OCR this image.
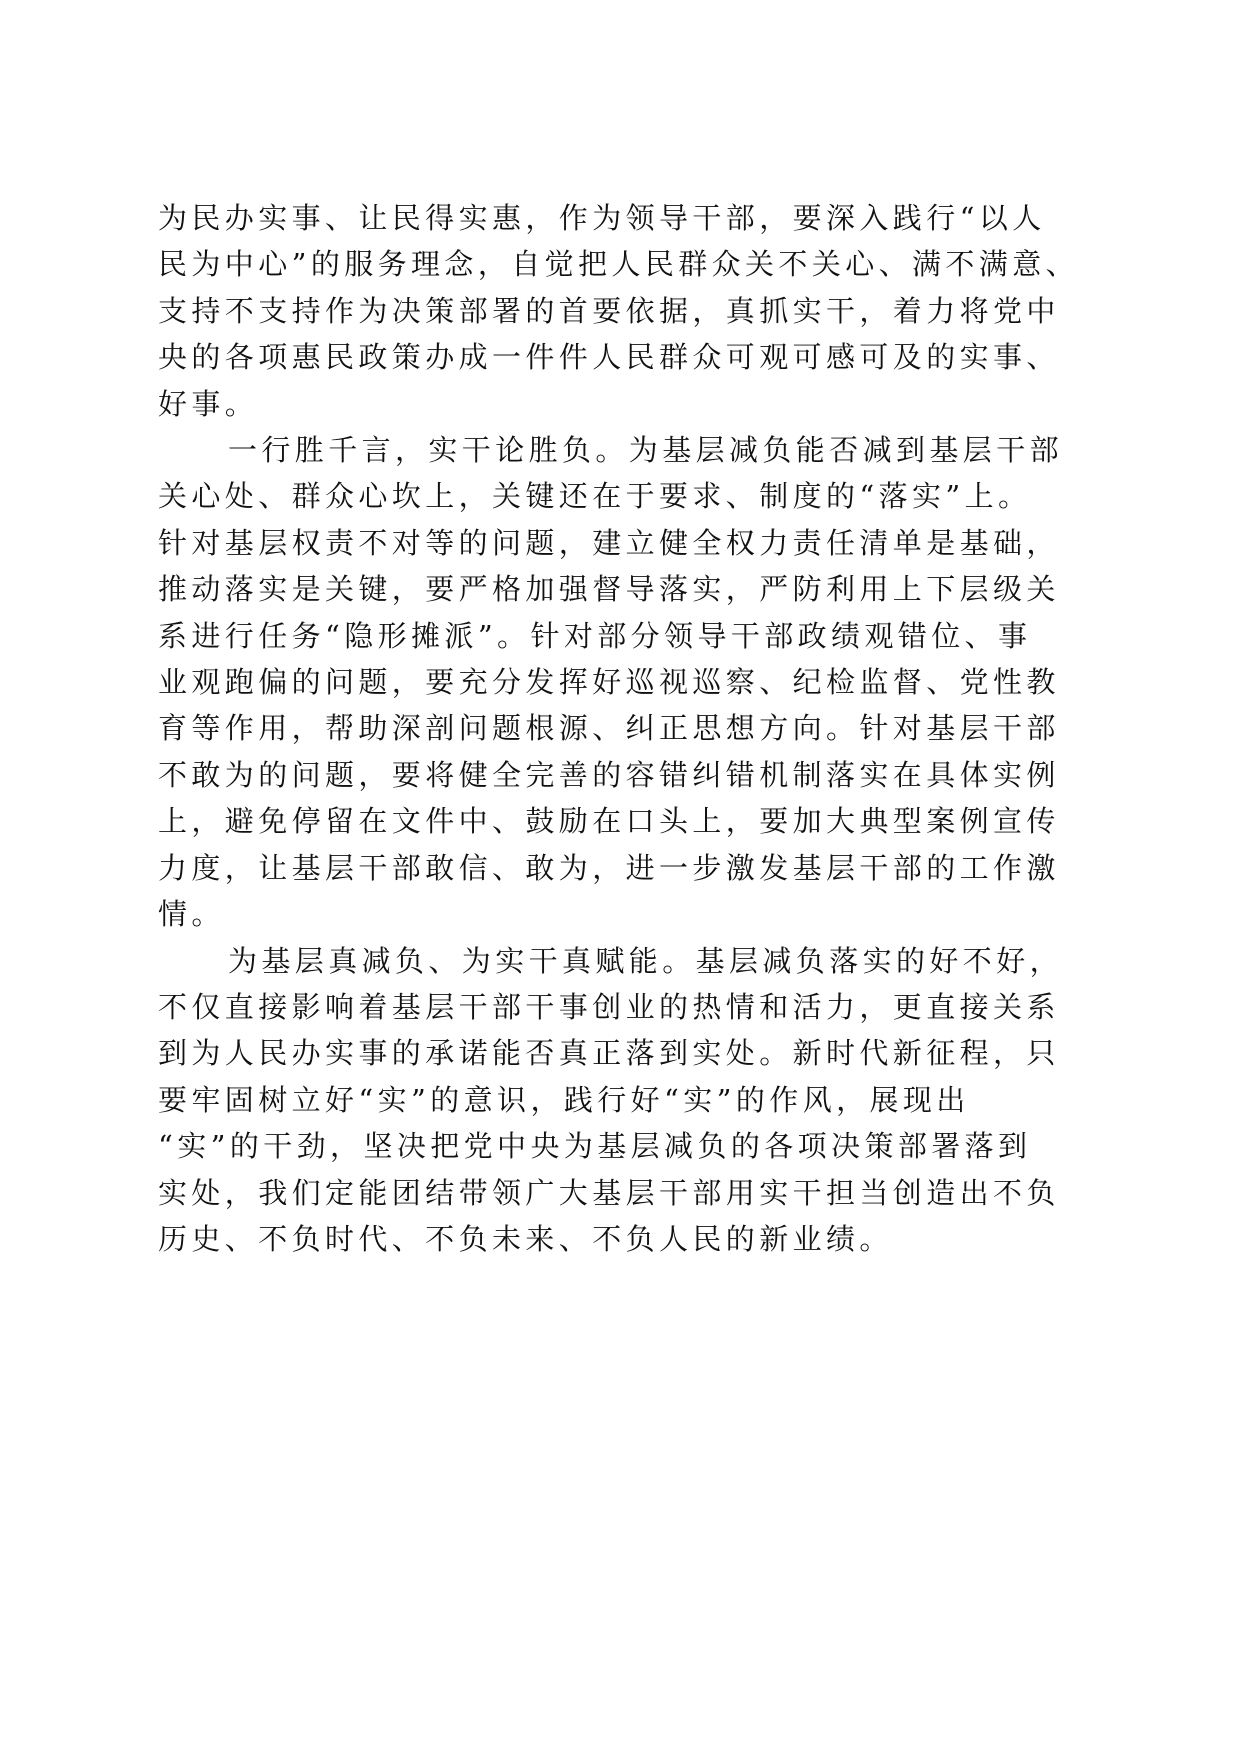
为民办实事、让民得实惠，作为领导干部，要深入践行“以人
民为中心”的服务理念，自觉把人民群众关不关心、满不满意、
支持不支持作为决策部署的首要依据，真抓实干，着力将党中
央的各项惠民政策办成一件件人民群众可观可感可及的实事、
好事。

一行胜千言，实干论胜负。为基层减负能否减到基层干部
关心处、群众心坎上，关键还在于要求、制度的“落实”上。
针对基层权责不对等的问题，建立健全权力责任清单是基础，
推动落实是关键，要严格加强督导落实，严防利用上下层级关
系进行任务“隐形摊派”。针对部分领导干部政绩观错位、事
业观跑偏的问题，要充分发挥好巡视巡察、纪检监督、党性教
育等作用，帮助深剖问题根源、纠正思想方向。针对基层干部
不敢为的问题，要将健全完善的容错纠错机制落实在具体实例
上，避免停留在文件中、鼓励在口头上，要加大典型案例宣传
力度，让基层干部敢信、敢为，进一步激发基层干部的工作激
情。

为基层真减负、为实干真赋能。基层减负落实的好不好，
不仅直接影响着基层干部干事创业的热情和活力，更直接关系
到为人民办实事的承诺能否真正落到实处。新时代新征程，只
要牢固树立好“实”的意识，践行好“实”的作风，展现出
“实”的干劲，坚决把党中央为基层减负的各项决策部署落到
实处，我们定能团结带领广大基层干部用实干担当创造出不负
历史、不负时代、不负未来、不负人民的新业绩。
